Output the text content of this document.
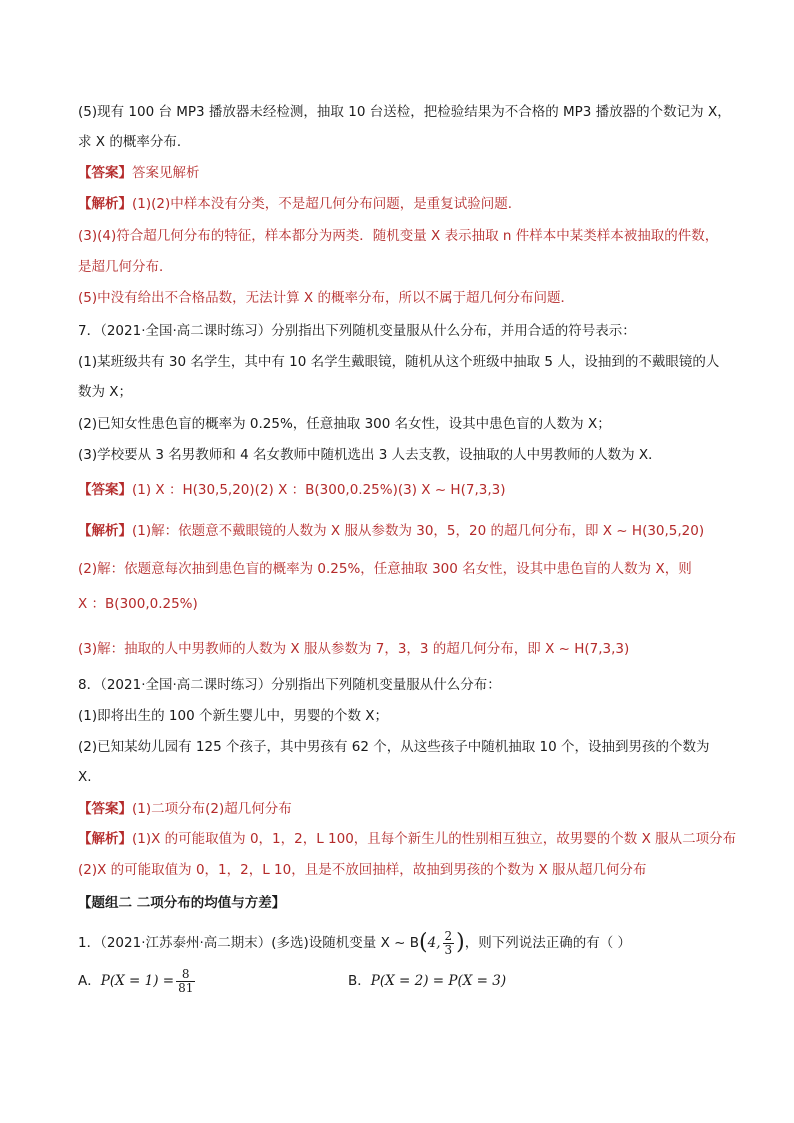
(5)现有 100 台 MP3 播放器未经检测，抽取 10 台送检，把检验结果为不合格的 MP3 播放器的个数记为 X，
求 X 的概率分布．
【答案】答案见解析
【解析】(1)(2)中样本没有分类，不是超几何分布问题，是重复试验问题．
(3)(4)符合超几何分布的特征，样本都分为两类．随机变量 X 表示抽取 n 件样本中某类样本被抽取的件数，
是超几何分布．
(5)中没有给出不合格品数，无法计算 X 的概率分布，所以不属于超几何分布问题．
7．（2021·全国·高二课时练习）分别指出下列随机变量服从什么分布，并用合适的符号表示：
(1)某班级共有 30 名学生，其中有 10 名学生戴眼镜，随机从这个班级中抽取 5 人，设抽到的不戴眼镜的人
数为 X；
(2)已知女性患色盲的概率为 0.25%，任意抽取 300 名女性，设其中患色盲的人数为 X；
(3)学校要从 3 名男教师和 4 名女教师中随机选出 3 人去支教，设抽取的人中男教师的人数为 X．
【答案】(1) X ：H(30,5,20)(2) X ：B(300,0.25%)(3) X ~ H(7,3,3)
【解析】(1)解：依题意不戴眼镜的人数为 X 服从参数为 30，5，20 的超几何分布，即 X ~ H(30,5,20)
(2)解：依题意每次抽到患色盲的概率为 0.25%，任意抽取 300 名女性，设其中患色盲的人数为 X，则
X ：B(300,0.25%)
(3)解：抽取的人中男教师的人数为 X 服从参数为 7，3，3 的超几何分布，即 X ~ H(7,3,3)
8．（2021·全国·高二课时练习）分别指出下列随机变量服从什么分布：
(1)即将出生的 100 个新生婴儿中，男婴的个数 X；
(2)已知某幼儿园有 125 个孩子，其中男孩有 62 个，从这些孩子中随机抽取 10 个，设抽到男孩的个数为
X.
【答案】(1)二项分布(2)超几何分布
【解析】(1)X 的可能取值为 0，1，2，L 100，且每个新生儿的性别相互独立，故男婴的个数 X 服从二项分布
(2)X 的可能取值为 0，1，2，L 10，且是不放回抽样，故抽到男孩的个数为 X 服从超几何分布
【题组二 二项分布的均值与方差】
1．（2021·江苏泰州·高二期末）(多选)设随机变量 X ~ B(4, $\frac{2}{3}$ )，则下列说法正确的有（ ）
A．$P(X = 1) = \frac{8}{81}$	B．P(X = 2) = P(X = 3)
